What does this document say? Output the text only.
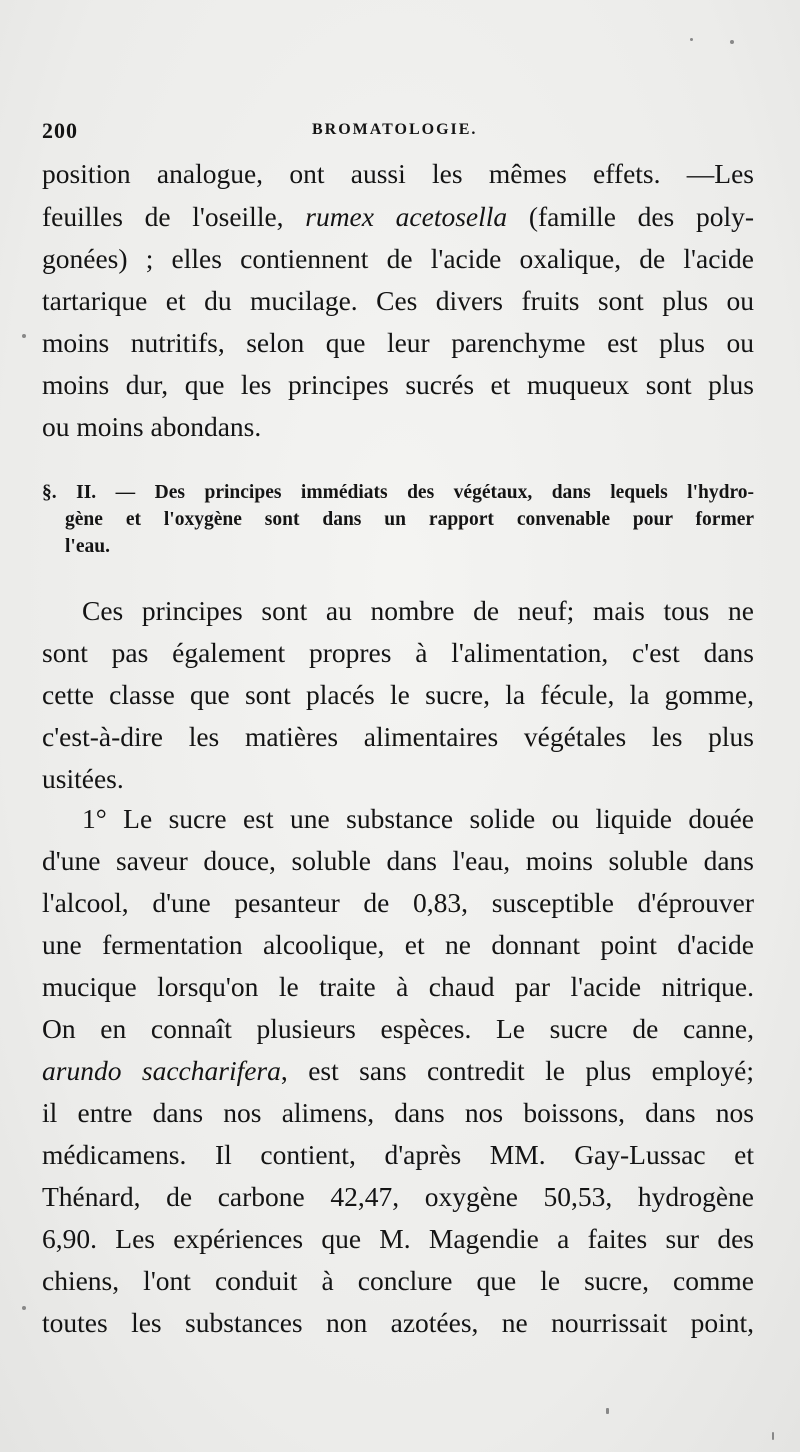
200	BROMATOLOGIE.
position analogue, ont aussi les mêmes effets. —Les
feuilles de l'oseille, rumex acetosella (famille des poly-
gonées) ; elles contiennent de l'acide oxalique, de l'acide
tartarique et du mucilage. Ces divers fruits sont plus ou
moins nutritifs, selon que leur parenchyme est plus ou
moins dur, que les principes sucrés et muqueux sont plus
ou moins abondans.
§. II. — Des principes immédiats des végétaux, dans lequels l'hydro-
gène et l'oxygène sont dans un rapport convenable pour former
l'eau.
Ces principes sont au nombre de neuf; mais tous ne
sont pas également propres à l'alimentation, c'est dans
cette classe que sont placés le sucre, la fécule, la gomme,
c'est-à-dire les matières alimentaires végétales les plus
usitées.
1° Le sucre est une substance solide ou liquide douée
d'une saveur douce, soluble dans l'eau, moins soluble dans
l'alcool, d'une pesanteur de 0,83, susceptible d'éprouver
une fermentation alcoolique, et ne donnant point d'acide
mucique lorsqu'on le traite à chaud par l'acide nitrique.
On en connaît plusieurs espèces. Le sucre de canne,
arundo saccharifera, est sans contredit le plus employé;
il entre dans nos alimens, dans nos boissons, dans nos
médicamens. Il contient, d'après MM. Gay-Lussac et
Thénard, de carbone 42,47, oxygène 50,53, hydrogène
6,90. Les expériences que M. Magendie a faites sur des
chiens, l'ont conduit à conclure que le sucre, comme
toutes les substances non azotées, ne nourrissait point,
